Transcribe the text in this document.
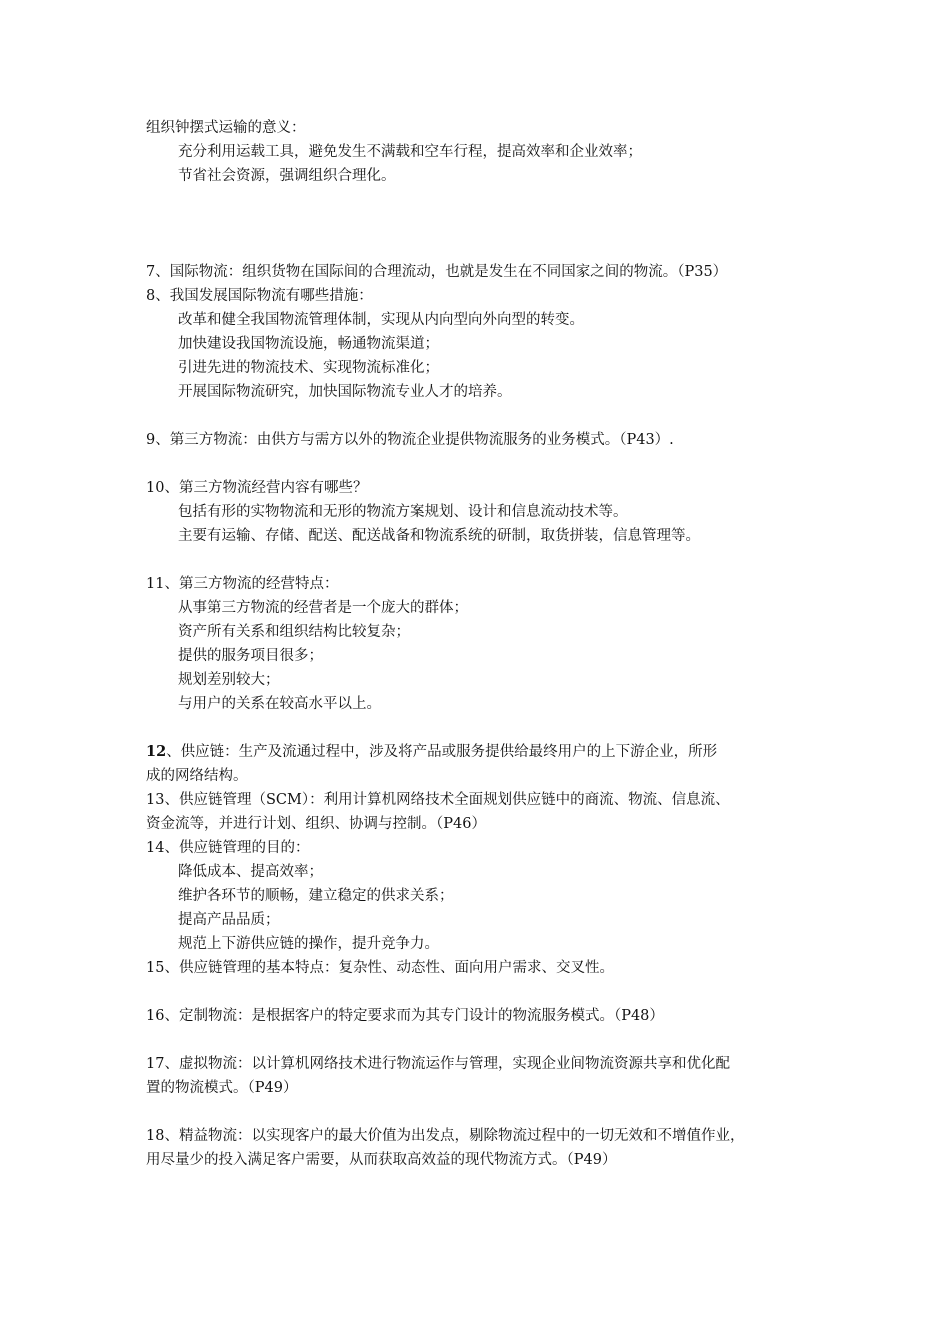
组织钟摆式运输的意义：

充分利用运载工具，避免发生不满载和空车行程，提高效率和企业效率；

节省社会资源，强调组织合理化。

7、国际物流：组织货物在国际间的合理流动，也就是发生在不同国家之间的物流。（P35）

8、我国发展国际物流有哪些措施：

改革和健全我国物流管理体制，实现从内向型向外向型的转变。

加快建设我国物流设施，畅通物流渠道；

引进先进的物流技术、实现物流标准化；

开展国际物流研究，加快国际物流专业人才的培养。

9、第三方物流：由供方与需方以外的物流企业提供物流服务的业务模式。（P43）.

10、第三方物流经营内容有哪些？

包括有形的实物物流和无形的物流方案规划、设计和信息流动技术等。

主要有运输、存储、配送、配送战备和物流系统的研制，取货拼装，信息管理等。

11、第三方物流的经营特点：

从事第三方物流的经营者是一个庞大的群体；

资产所有关系和组织结构比较复杂；

提供的服务项目很多；

规划差别较大；

与用户的关系在较高水平以上。

12、供应链：生产及流通过程中，涉及将产品或服务提供给最终用户的上下游企业，所形

成的网络结构。

13、供应链管理（SCM）：利用计算机网络技术全面规划供应链中的商流、物流、信息流、

资金流等，并进行计划、组织、协调与控制。（P46）

14、供应链管理的目的：

降低成本、提高效率；

维护各环节的顺畅，建立稳定的供求关系；

提高产品品质；

规范上下游供应链的操作，提升竞争力。

15、供应链管理的基本特点：复杂性、动态性、面向用户需求、交叉性。

16、定制物流：是根据客户的特定要求而为其专门设计的物流服务模式。（P48）

17、虚拟物流：以计算机网络技术进行物流运作与管理，实现企业间物流资源共享和优化配

置的物流模式。（P49）

18、精益物流：以实现客户的最大价值为出发点，剔除物流过程中的一切无效和不增值作业，

用尽量少的投入满足客户需要，从而获取高效益的现代物流方式。（P49）
